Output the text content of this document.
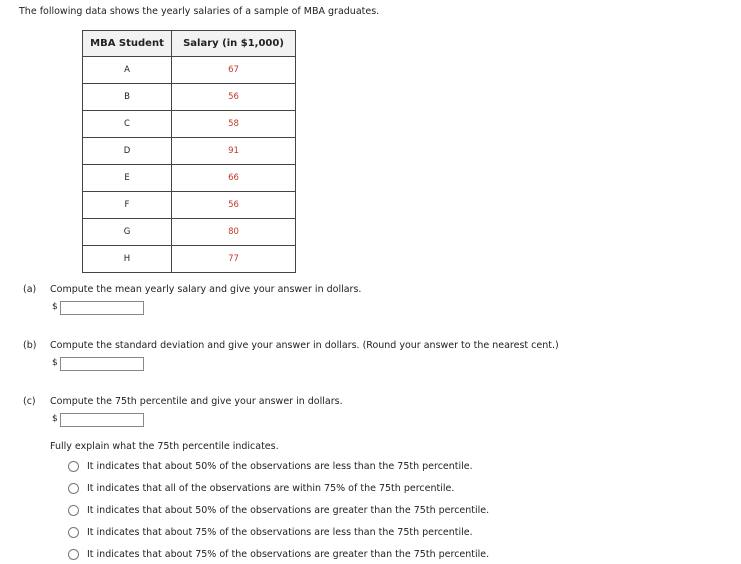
The following data shows the yearly salaries of a sample of MBA graduates.
MBA Student	Salary (in $1,000)
A	67
B	56
C	58
D	91
E	66
F	56
G	80
H	77
(a) Compute the mean yearly salary and give your answer in dollars.
$
(b) Compute the standard deviation and give your answer in dollars. (Round your answer to the nearest cent.)
$
(c) Compute the 75th percentile and give your answer in dollars.
$
Fully explain what the 75th percentile indicates.
It indicates that about 50% of the observations are less than the 75th percentile.
It indicates that all of the observations are within 75% of the 75th percentile.
It indicates that about 50% of the observations are greater than the 75th percentile.
It indicates that about 75% of the observations are less than the 75th percentile.
It indicates that about 75% of the observations are greater than the 75th percentile.
